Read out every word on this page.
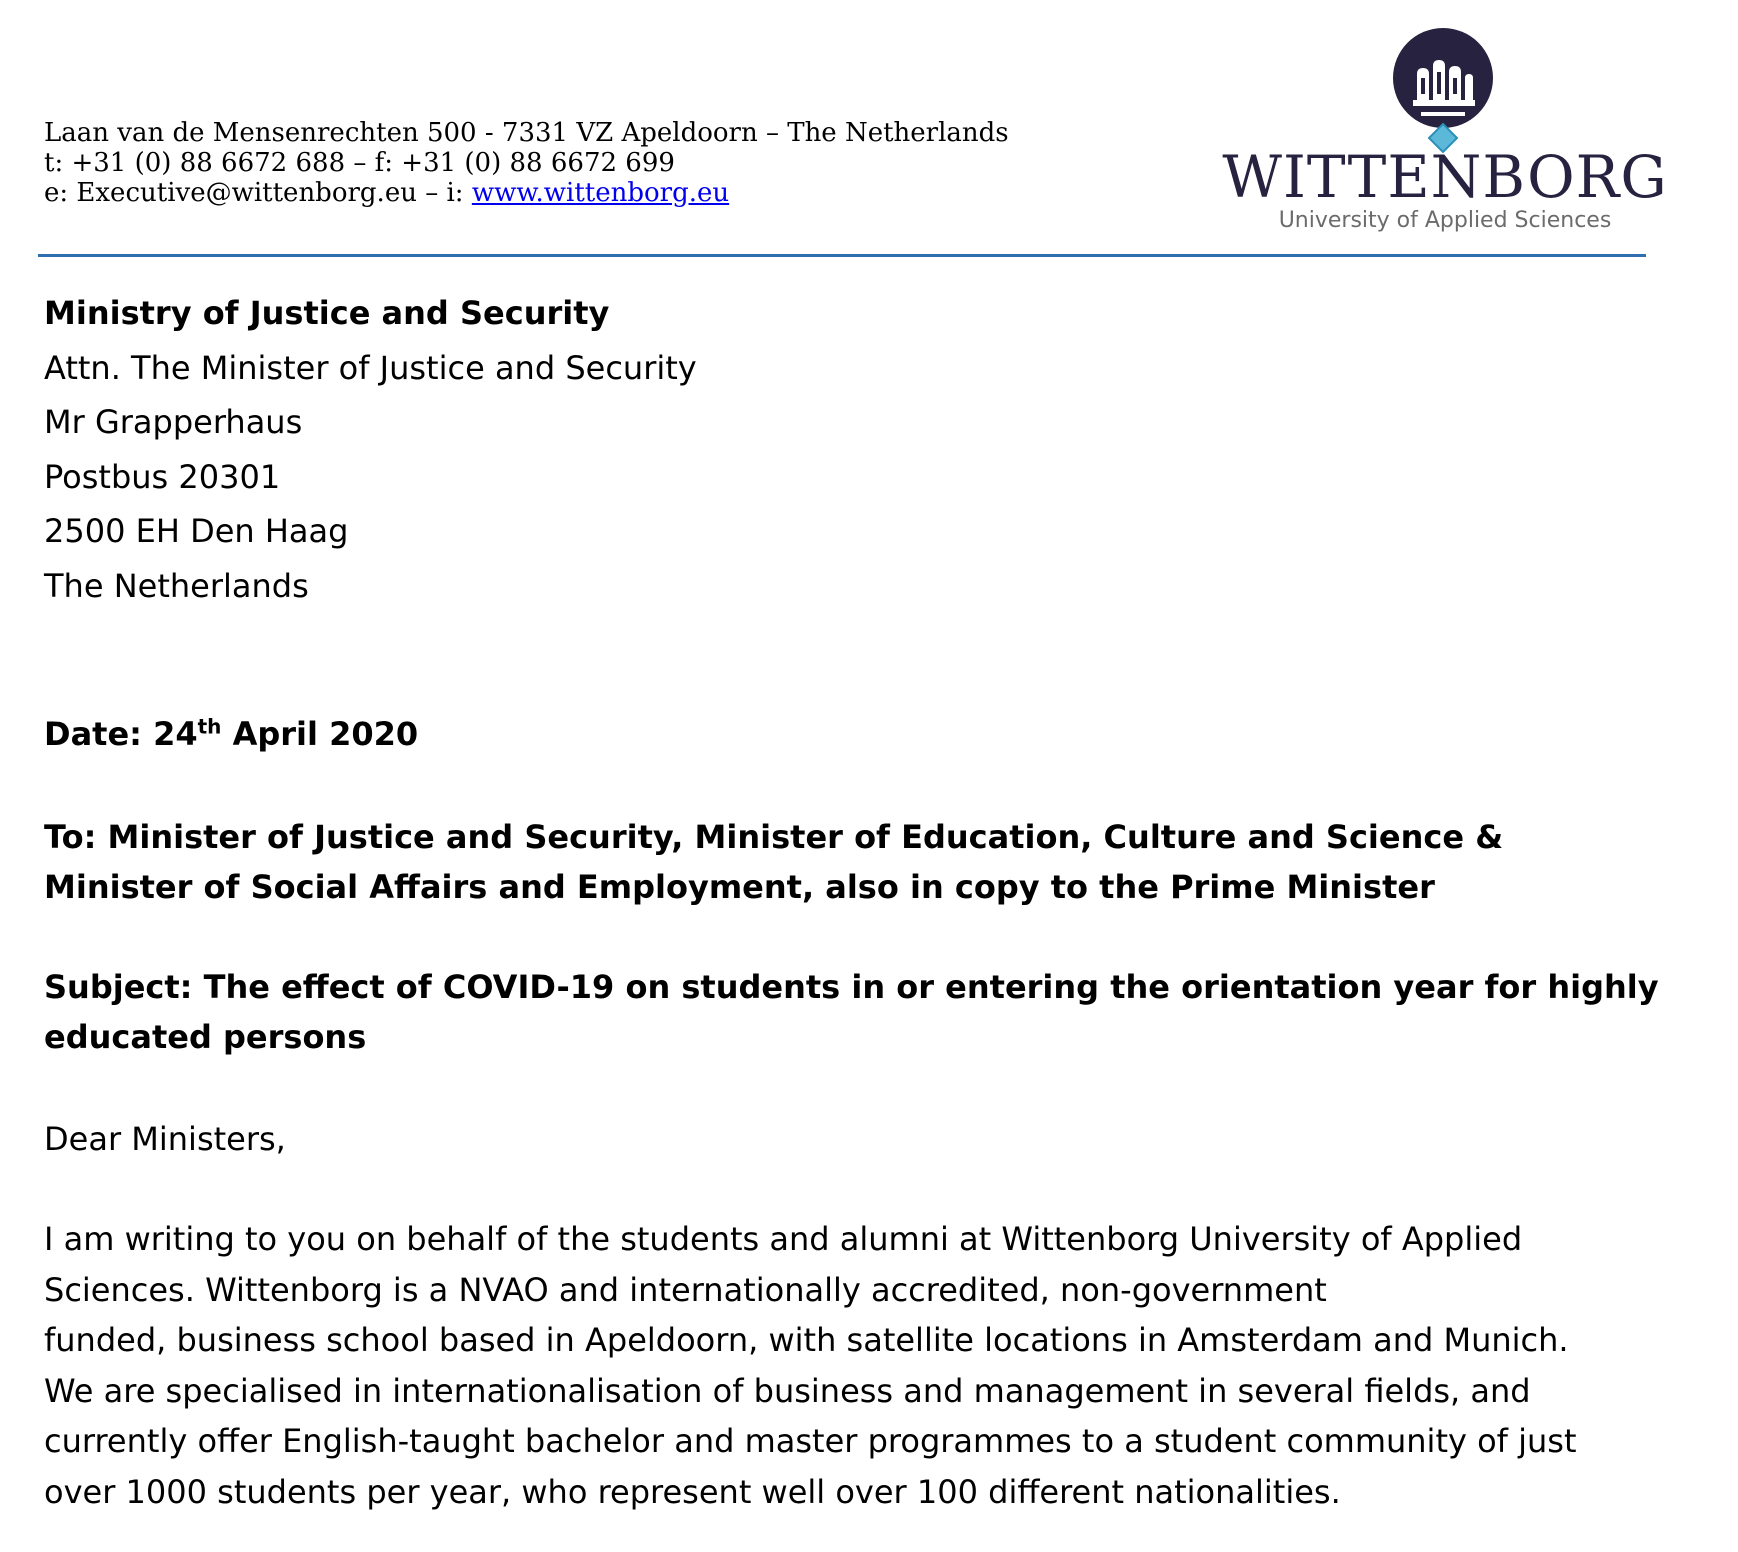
Laan van de Mensenrechten 500 - 7331 VZ Apeldoorn – The Netherlands
t: +31 (0) 88 6672 688 – f: +31 (0) 88 6672 699
e: Executive@wittenborg.eu – i: www.wittenborg.eu	WITTENBORG
University of Applied Sciences
Ministry of Justice and Security
Attn. The Minister of Justice and Security
Mr Grapperhaus
Postbus 20301
2500 EH Den Haag
The Netherlands
Date: 24th April 2020
To: Minister of Justice and Security, Minister of Education, Culture and Science &
Minister of Social Affairs and Employment, also in copy to the Prime Minister
Subject: The effect of COVID-19 on students in or entering the orientation year for highly
educated persons
Dear Ministers,
I am writing to you on behalf of the students and alumni at Wittenborg University of Applied
Sciences. Wittenborg is a NVAO and internationally accredited, non-government
funded, business school based in Apeldoorn, with satellite locations in Amsterdam and Munich.
We are specialised in internationalisation of business and management in several fields, and
currently offer English-taught bachelor and master programmes to a student community of just
over 1000 students per year, who represent well over 100 different nationalities.
